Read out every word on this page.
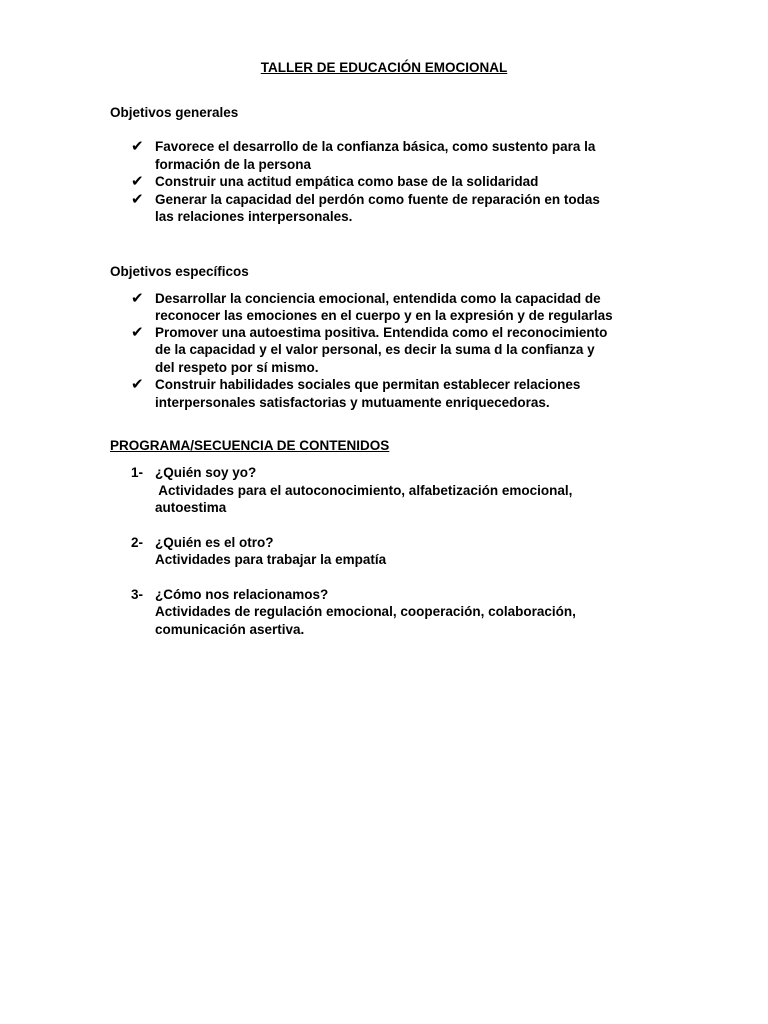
TALLER DE EDUCACIÓN EMOCIONAL
Objetivos generales
✔ Favorece el desarrollo de la confianza básica, como sustento para la
formación de la persona
✔ Construir una actitud empática como base de la solidaridad
✔ Generar la capacidad del perdón como fuente de reparación en todas
las relaciones interpersonales.
Objetivos específicos
✔ Desarrollar la conciencia emocional, entendida como la capacidad de
reconocer las emociones en el cuerpo y en la expresión y de regularlas
✔ Promover una autoestima positiva. Entendida como el reconocimiento
de la capacidad y el valor personal, es decir la suma d la confianza y
del respeto por sí mismo.
✔ Construir habilidades sociales que permitan establecer relaciones
interpersonales satisfactorias y mutuamente enriquecedoras.
PROGRAMA/SECUENCIA DE CONTENIDOS
1- ¿Quién soy yo?
Actividades para el autoconocimiento, alfabetización emocional,
autoestima
2- ¿Quién es el otro?
Actividades para trabajar la empatía
3- ¿Cómo nos relacionamos?
Actividades de regulación emocional, cooperación, colaboración,
comunicación asertiva.
